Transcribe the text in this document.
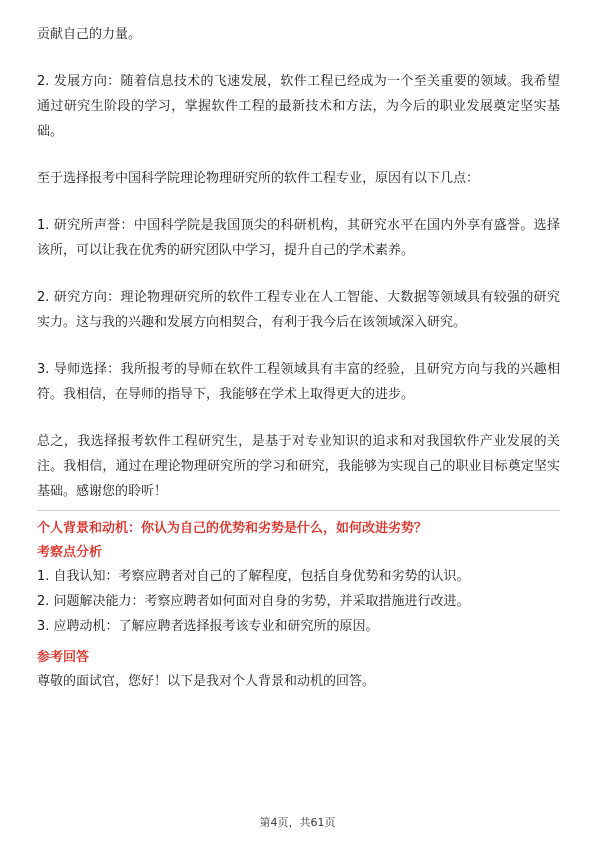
贡献自己的力量。

2. 发展方向：随着信息技术的飞速发展，软件工程已经成为一个至关重要的领域。我希望通过研究生阶段的学习，掌握软件工程的最新技术和方法，为今后的职业发展奠定坚实基础。

至于选择报考中国科学院理论物理研究所的软件工程专业，原因有以下几点：

1. 研究所声誉：中国科学院是我国顶尖的科研机构，其研究水平在国内外享有盛誉。选择该所，可以让我在优秀的研究团队中学习，提升自己的学术素养。

2. 研究方向：理论物理研究所的软件工程专业在人工智能、大数据等领域具有较强的研究实力。这与我的兴趣和发展方向相契合，有利于我今后在该领域深入研究。

3. 导师选择：我所报考的导师在软件工程领域具有丰富的经验，且研究方向与我的兴趣相符。我相信，在导师的指导下，我能够在学术上取得更大的进步。

总之，我选择报考软件工程研究生，是基于对专业知识的追求和对我国软件产业发展的关注。我相信，通过在理论物理研究所的学习和研究，我能够为实现自己的职业目标奠定坚实基础。感谢您的聆听！

个人背景和动机：你认为自己的优势和劣势是什么，如何改进劣势？

考察点分析

1. 自我认知：考察应聘者对自己的了解程度，包括自身优势和劣势的认识。

2. 问题解决能力：考察应聘者如何面对自身的劣势，并采取措施进行改进。

3. 应聘动机：了解应聘者选择报考该专业和研究所的原因。

参考回答

尊敬的面试官，您好！以下是我对个人背景和动机的回答。

第4页，共61页
